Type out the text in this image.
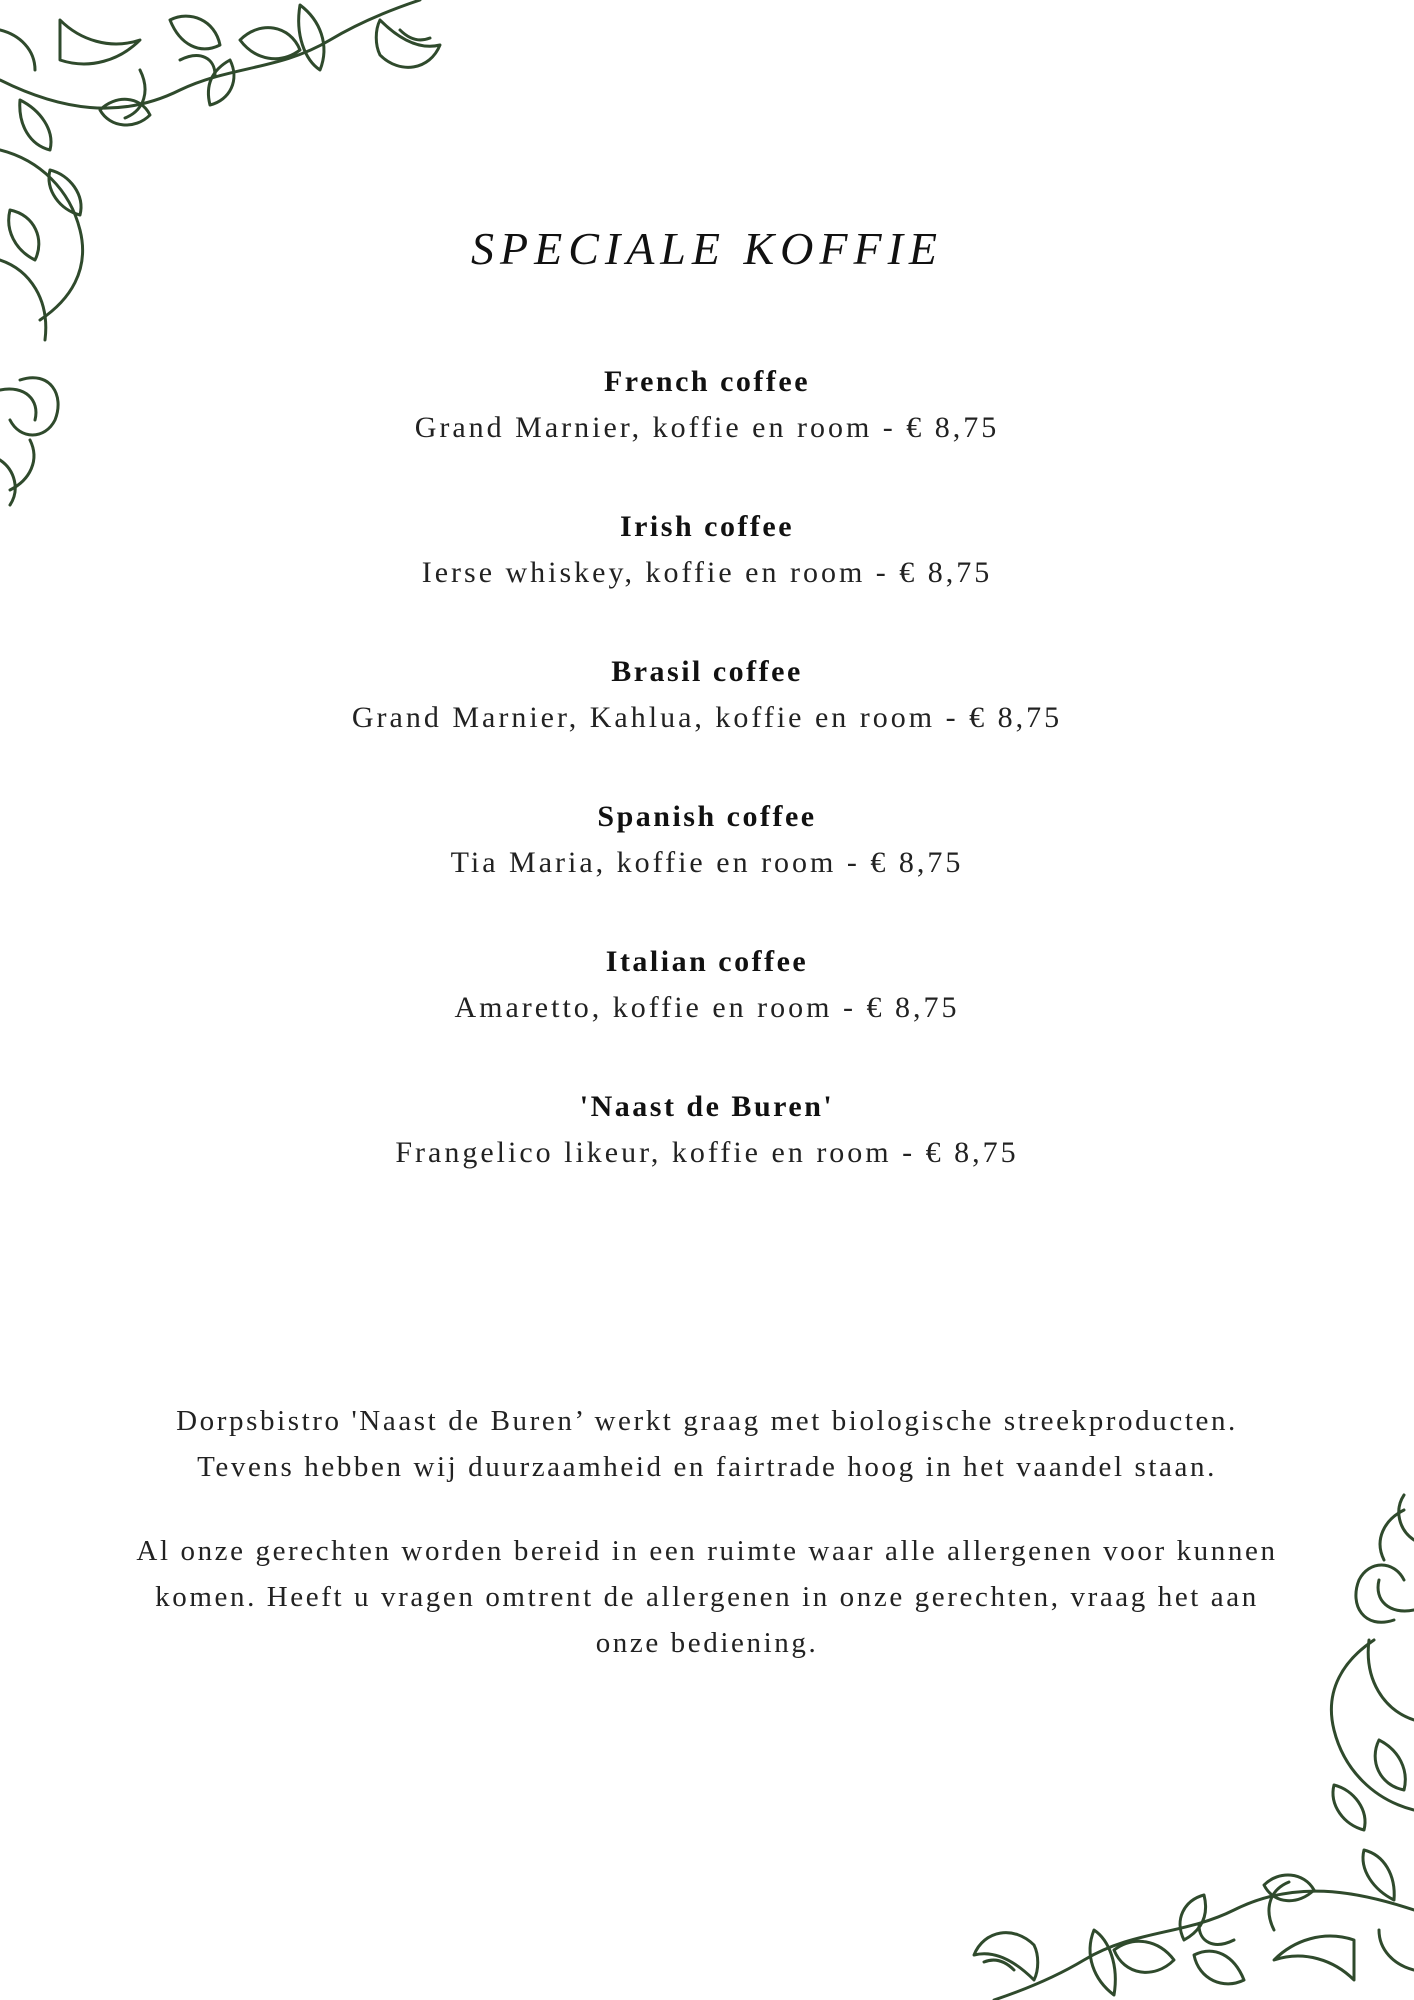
SPECIALE KOFFIE
French coffee
Grand Marnier, koffie en room - € 8,75
Irish coffee
Ierse whiskey, koffie en room - € 8,75
Brasil coffee
Grand Marnier, Kahlua, koffie en room - € 8,75
Spanish coffee
Tia Maria, koffie en room - € 8,75
Italian coffee
Amaretto, koffie en room - € 8,75
'Naast de Buren'
Frangelico likeur, koffie en room - € 8,75

Dorpsbistro 'Naast de Buren’ werkt graag met biologische streekproducten. Tevens hebben wij duurzaamheid en fairtrade hoog in het vaandel staan.

Al onze gerechten worden bereid in een ruimte waar alle allergenen voor kunnen komen. Heeft u vragen omtrent de allergenen in onze gerechten, vraag het aan onze bediening.
